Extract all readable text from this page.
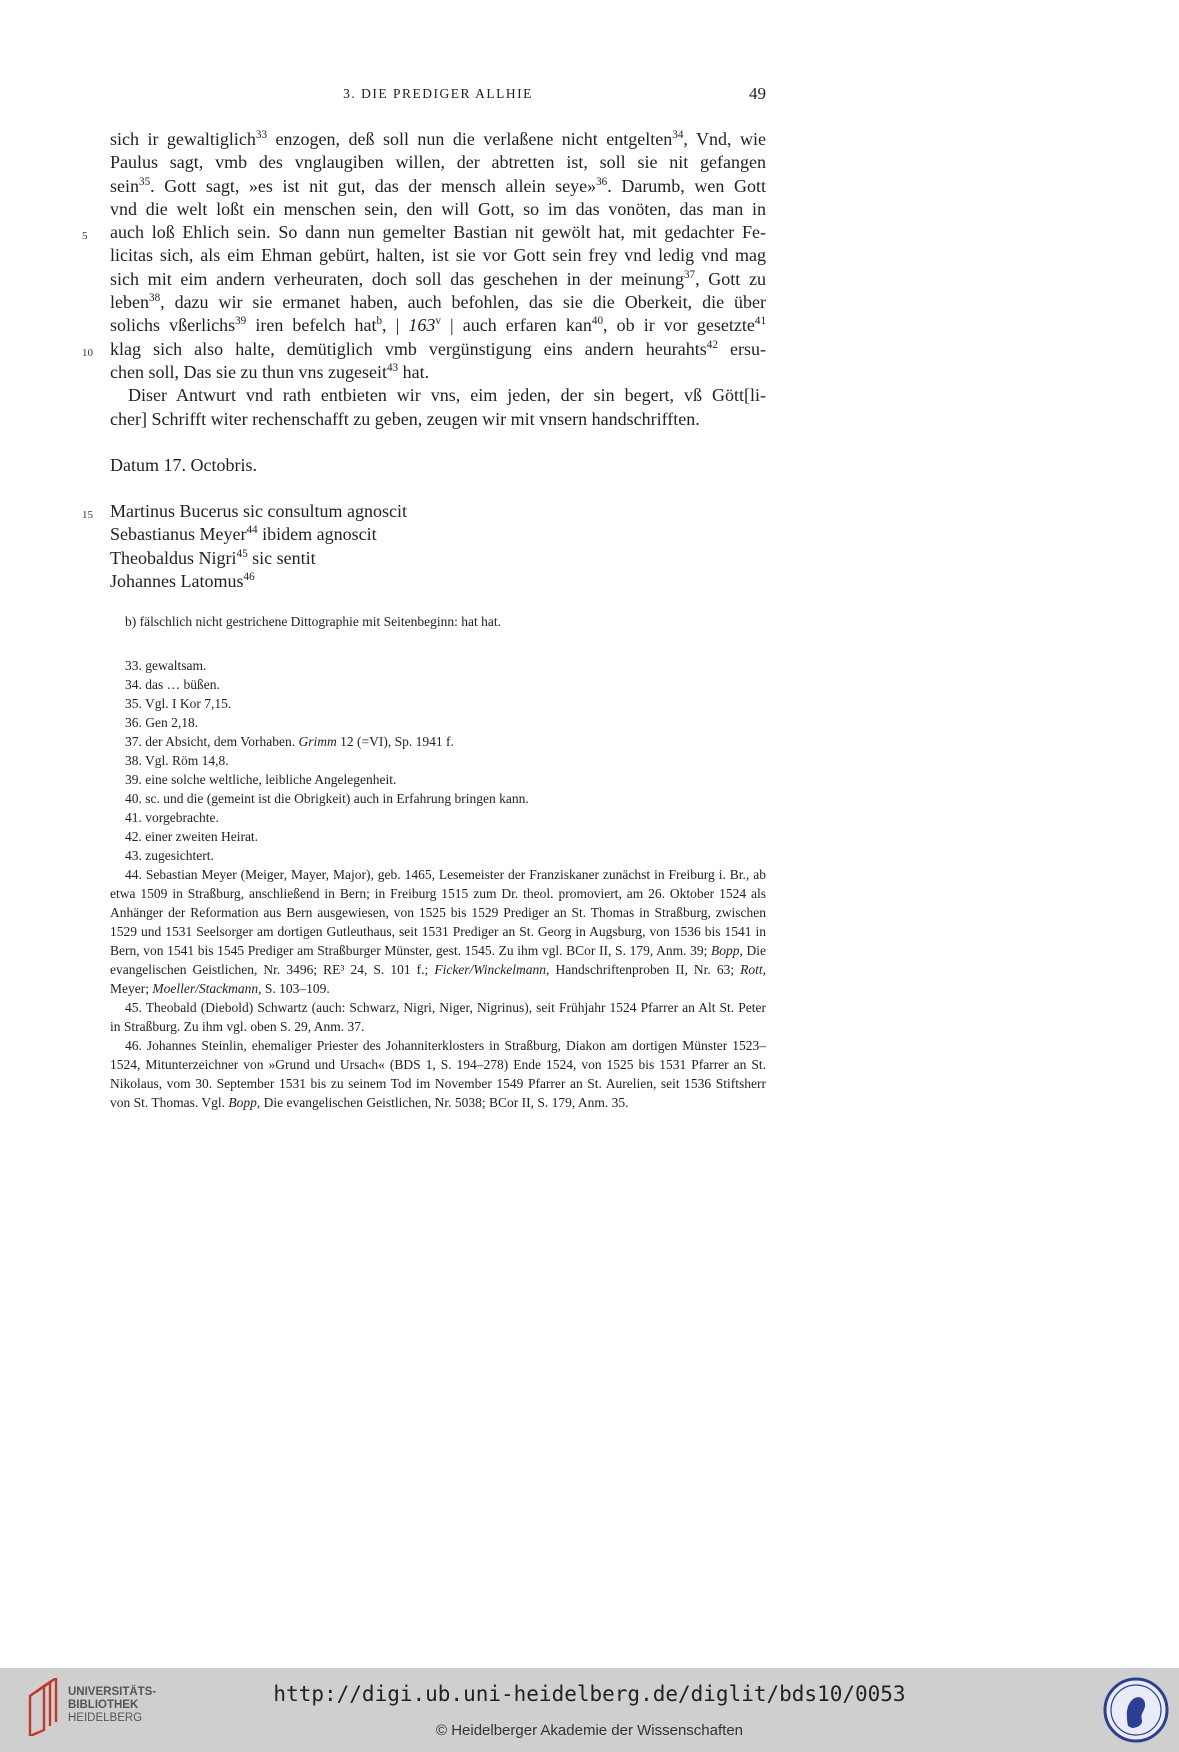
3. DIE PREDIGER ALLHIE	49
sich ir gewaltiglich$^{33}$ enzogen, deß soll nun die verlaßene nicht entgelten$^{34}$, Vnd, wie
Paulus sagt, vmb des vnglaugiben willen, der abtretten ist, soll sie nit gefangen
sein$^{35}$. Gott sagt, »es ist nit gut, das der mensch allein seye»$^{36}$. Darumb, wen Gott
vnd die welt loßt ein menschen sein, den will Gott, so im das vonöten, das man in
5 auch loß Ehlich sein. So dann nun gemelter Bastian nit gewölt hat, mit gedachter Fe-
licitas sich, als eim Ehman gebürt, halten, ist sie vor Gott sein frey vnd ledig vnd mag
sich mit eim andern verheuraten, doch soll das geschehen in der meinung$^{37}$, Gott zu
leben$^{38}$, dazu wir sie ermanet haben, auch befohlen, das sie die Oberkeit, die über
solichs vßerlichs$^{39}$ iren befelch hat$^b$, | 163$^v$ | auch erfaren kan$^{40}$, ob ir vor gesetzte$^{41}$
10 klag sich also halte, demütiglich vmb vergünstigung eins andern heurahts$^{42}$ ersu-
chen soll, Das sie zu thun vns zugeseit$^{43}$ hat.
Diser Antwurt vnd rath entbieten wir vns, eim jeden, der sin begert, vß Gött[li-
cher] Schrifft witer rechenschafft zu geben, zeugen wir mit vnsern handschrifften.
Datum 17. Octobris.
15 Martinus Bucerus sic consultum agnoscit
Sebastianus Meyer$^{44}$ ibidem agnoscit
Theobaldus Nigri$^{45}$ sic sentit
Johannes Latomus$^{46}$
b) fälschlich nicht gestrichene Dittographie mit Seitenbeginn: hat hat.
33. gewaltsam.
34. das … büßen.
35. Vgl. I Kor 7,15.
36. Gen 2,18.
37. der Absicht, dem Vorhaben. Grimm 12 (=VI), Sp. 1941 f.
38. Vgl. Röm 14,8.
39. eine solche weltliche, leibliche Angelegenheit.
40. sc. und die (gemeint ist die Obrigkeit) auch in Erfahrung bringen kann.
41. vorgebrachte.
42. einer zweiten Heirat.
43. zugesichtert.
44. Sebastian Meyer (Meiger, Mayer, Major), geb. 1465, Lesemeister der Franziskaner zunächst in Freiburg i. Br., ab etwa 1509 in Straßburg, anschließend in Bern; in Freiburg 1515 zum Dr. theol. promoviert, am 26. Oktober 1524 als Anhänger der Reformation aus Bern ausgewiesen, von 1525 bis 1529 Prediger an St. Thomas in Straßburg, zwischen 1529 und 1531 Seelsorger am dortigen Gutleuthaus, seit 1531 Prediger an St. Georg in Augsburg, von 1536 bis 1541 in Bern, von 1541 bis 1545 Prediger am Straßburger Münster, gest. 1545. Zu ihm vgl. BCor II, S. 179, Anm. 39; Bopp, Die evangelischen Geistlichen, Nr. 3496; RE³ 24, S. 101 f.; Ficker/Winckelmann, Handschriftenproben II, Nr. 63; Rott, Meyer; Moeller/Stackmann, S. 103–109.
45. Theobald (Diebold) Schwartz (auch: Schwarz, Nigri, Niger, Nigrinus), seit Frühjahr 1524 Pfarrer an Alt St. Peter in Straßburg. Zu ihm vgl. oben S. 29, Anm. 37.
46. Johannes Steinlin, ehemaliger Priester des Johanniterklosters in Straßburg, Diakon am dortigen Münster 1523–1524, Mitunterzeichner von »Grund und Ursach« (BDS 1, S. 194–278) Ende 1524, von 1525 bis 1531 Pfarrer an St. Nikolaus, vom 30. September 1531 bis zu seinem Tod im November 1549 Pfarrer an St. Aurelien, seit 1536 Stiftsherr von St. Thomas. Vgl. Bopp, Die evangelischen Geistlichen, Nr. 5038; BCor II, S. 179, Anm. 35.
UNIVERSITÄTS-
BIBLIOTHEK
HEIDELBERG
http://digi.ub.uni-heidelberg.de/diglit/bds10/0053
© Heidelberger Akademie der Wissenschaften
